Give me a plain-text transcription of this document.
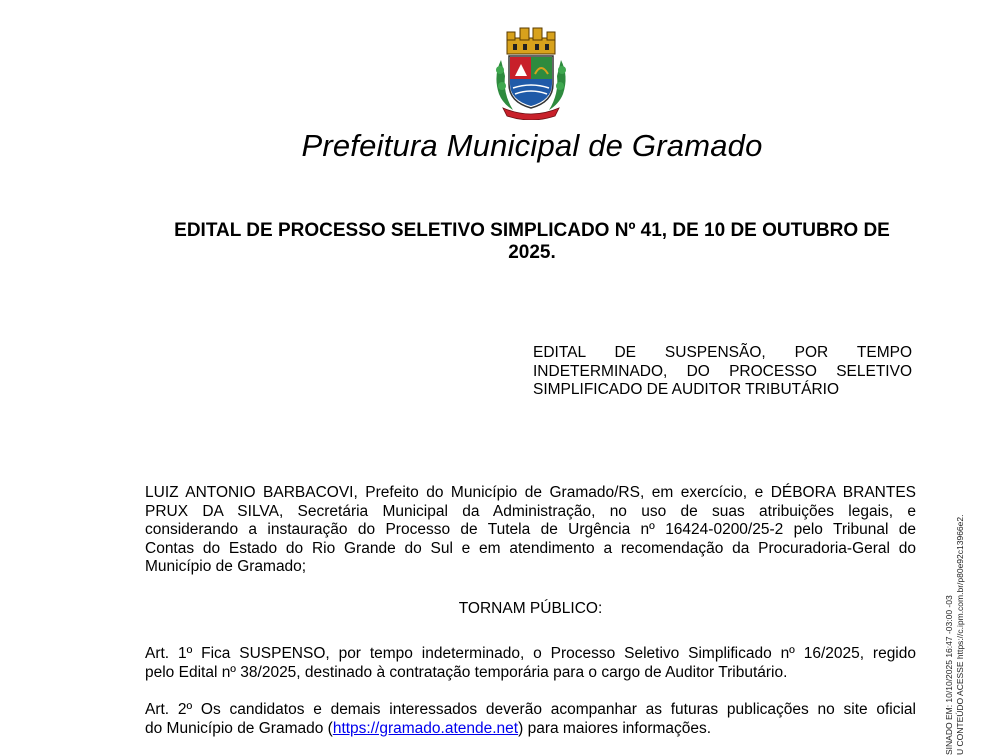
Prefeitura Municipal de Gramado
EDITAL DE PROCESSO SELETIVO SIMPLICADO Nº 41, DE 10 DE OUTUBRO DE
2025.
EDITAL DE SUSPENSÃO, POR TEMPO
INDETERMINADO, DO PROCESSO SELETIVO
SIMPLIFICADO DE AUDITOR TRIBUTÁRIO
LUIZ ANTONIO BARBACOVI, Prefeito do Município de Gramado/RS, em exercício, e DÉBORA BRANTES
PRUX DA SILVA, Secretária Municipal da Administração, no uso de suas atribuições legais, e
considerando a instauração do Processo de Tutela de Urgência nº 16424-0200/25-2 pelo Tribunal de
Contas do Estado do Rio Grande do Sul e em atendimento a recomendação da Procuradoria-Geral do
Município de Gramado;
TORNAM PÚBLICO:
Art. 1º Fica SUSPENSO, por tempo indeterminado, o Processo Seletivo Simplificado nº 16/2025, regido
pelo Edital nº 38/2025, destinado à contratação temporária para o cargo de Auditor Tributário.
Art. 2º Os candidatos e demais interessados deverão acompanhar as futuras publicações no site oficial
do Município de Gramado (https://gramado.atende.net) para maiores informações.	SINADO EM: 10/10/2025 16:47 -03:00 -03 U CONTEÚDO ACESSE https://c.ipm.com.br/p80e92c13966e2.
